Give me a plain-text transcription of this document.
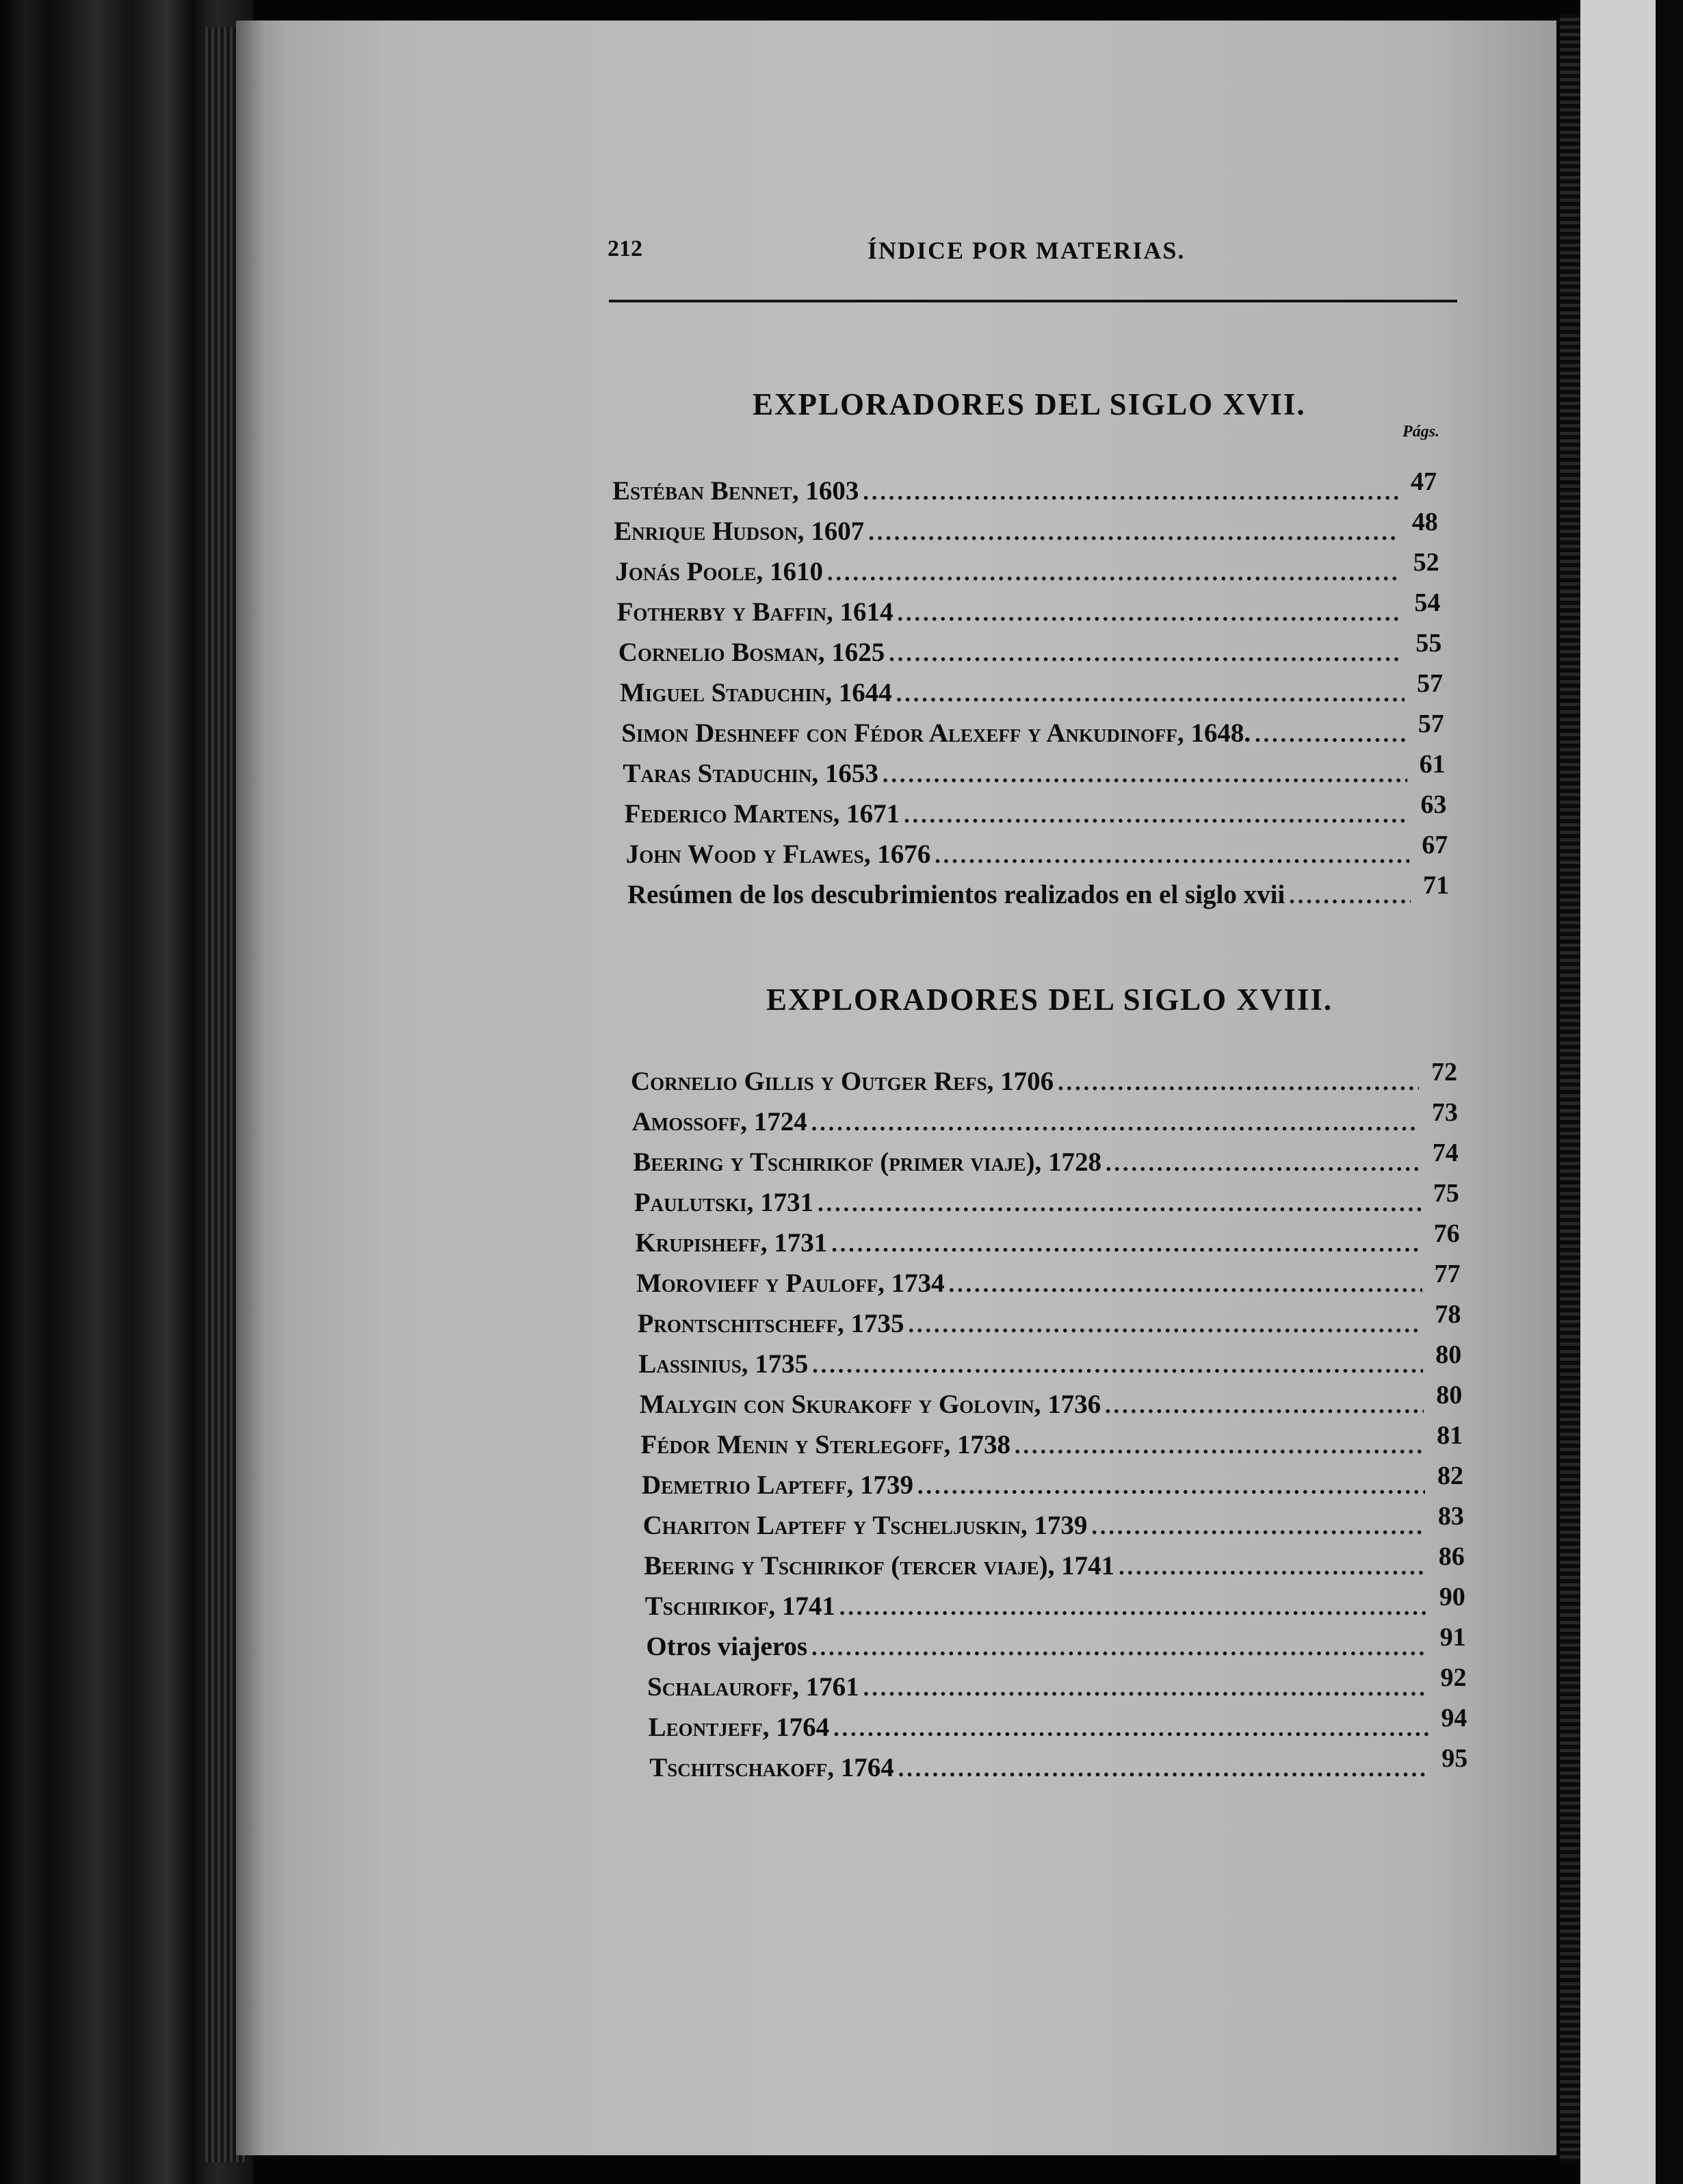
212	ÍNDICE POR MATERIAS.
EXPLORADORES DEL SIGLO XVII.
Págs.
EXPLORADORES DEL SIGLO XVIII.
Estéban Bennet, 1603 .....	47
Enrique Hudson, 1607 .....	48
Jonás Poole, 1610 .....	52
Fotherby y Baffin, 1614 .....	54
Cornelio Bosman, 1625 .....	55
Miguel Staduchin, 1644 .....	57
Simon Deshneff con Fédor Alexeff y Ankudinoff, 1648. .....	57
Taras Staduchin, 1653 .....	61
Federico Martens, 1671 .....	63
John Wood y Flawes, 1676 .....	67
Resúmen de los descubrimientos realizados en el siglo xvii .....	71
Cornelio Gillis y Outger Refs, 1706 .....	72
Amossoff, 1724 .....	73
Beering y Tschirikof (primer viaje), 1728 .....	74
Paulutski, 1731 .....	75
Krupisheff, 1731 .....	76
Morovieff y Pauloff, 1734 .....	77
Prontschitscheff, 1735 .....	78
Lassinius, 1735 .....	80
Malygin con Skurakoff y Golovin, 1736 .....	80
Fédor Menin y Sterlegoff, 1738 .....	81
Demetrio Lapteff, 1739 .....	82
Chariton Lapteff y Tscheljuskin, 1739 .....	83
Beering y Tschirikof (tercer viaje), 1741 .....	86
Tschirikof, 1741 .....	90
Otros viajeros .....	91
Schalauroff, 1761 .....	92
Leontjeff, 1764 .....	94
Tschitschakoff, 1764 .....	95
